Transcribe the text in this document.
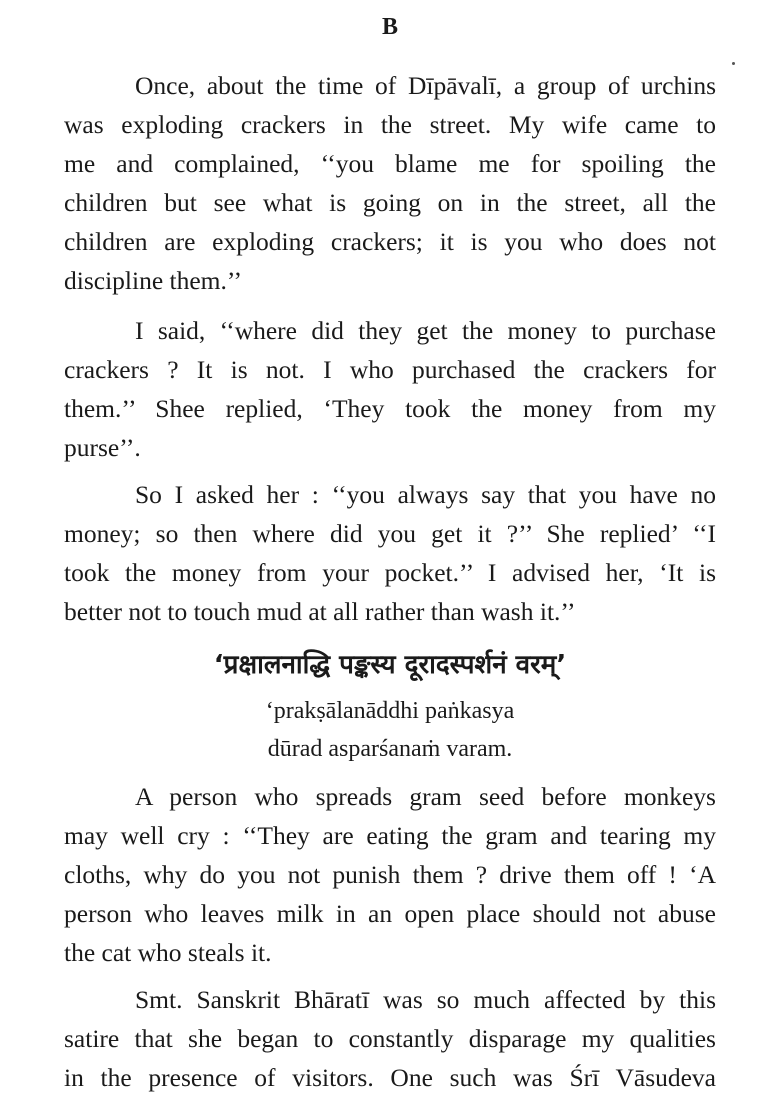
B
Once, about the time of Dīpāvalī, a group of urchins
was exploding crackers in the street. My wife came to
me and complained, ‘‘you blame me for spoiling the
children but see what is going on in the street, all the
children are exploding crackers; it is you who does not
discipline them.’’
I said, ‘‘where did they get the money to purchase
crackers ? It is not. I who purchased the crackers for
them.’’ Shee replied, ‘They took the money from my
purse’’.
So I asked her : ‘‘you always say that you have no
money; so then where did you get it ?’’ She replied’ ‘‘I
took the money from your pocket.’’ I advised her, ‘It is
better not to touch mud at all rather than wash it.’’
‘प्रक्षालनाद्धि पङ्कस्य दूरादस्पर्शनं वरम्’
‘prakṣālanāddhi paṅkasya
dūrad asparśanaṁ varam.
A person who spreads gram seed before monkeys
may well cry : ‘‘They are eating the gram and tearing my
cloths, why do you not punish them ? drive them off ! ‘A
person who leaves milk in an open place should not abuse
the cat who steals it.
Smt. Sanskrit Bhāratī was so much affected by this
satire that she began to constantly disparage my qualities
in the presence of visitors. One such was Śrī Vāsudeva
